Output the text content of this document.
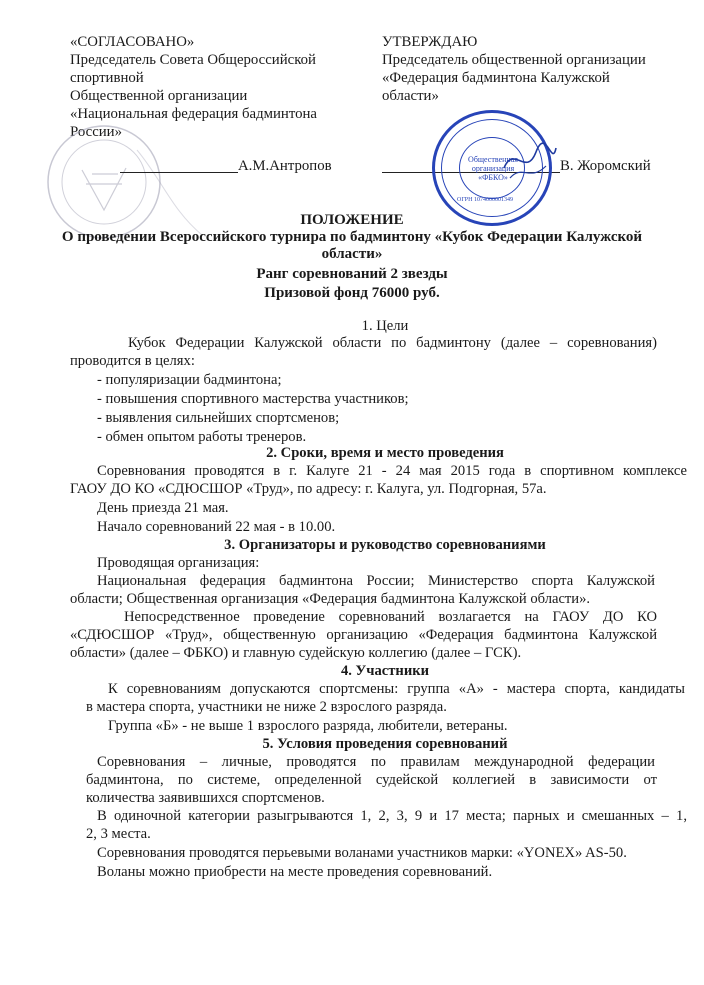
«СОГЛАСОВАНО»
Председатель Совета Общероссийской
спортивной
Общественной организации
«Национальная федерация бадминтона
России»
А.М.Антропов
УТВЕРЖДАЮ
Председатель общественной организации
«Федерация бадминтона Калужской
области»
Общественная
организация
«ФБКО»
ОГРН 1074000001349
В. Жоромский
ПОЛОЖЕНИЕ
О проведении Всероссийского турнира по бадминтону «Кубок Федерации Калужской
области»
Ранг соревнований 2 звезды
Призовой фонд 76000 руб.
1. Цели
Кубок Федерации Калужской области по бадминтону (далее – соревнования)
проводится в целях:
- популяризации бадминтона;
- повышения спортивного мастерства участников;
- выявления сильнейших спортсменов;
- обмен опытом работы тренеров.
2. Сроки, время и место проведения
Соревнования проводятся в г. Калуге 21 - 24 мая 2015 года в спортивном комплексе
ГАОУ ДО КО «СДЮСШОР «Труд», по адресу: г. Калуга, ул. Подгорная, 57а.
День приезда 21 мая.
Начало соревнований 22 мая - в 10.00.
3. Организаторы и руководство соревнованиями
Проводящая организация:
Национальная федерация бадминтона России; Министерство спорта Калужской
области; Общественная организация «Федерация бадминтона Калужской области».
Непосредственное проведение соревнований возлагается на ГАОУ ДО КО
«СДЮСШОР «Труд», общественную организацию «Федерация бадминтона Калужской
области» (далее – ФБКО) и главную судейскую коллегию (далее – ГСК).
4. Участники
К соревнованиям допускаются спортсмены: группа «А» - мастера спорта, кандидаты
в мастера спорта, участники не ниже 2 взрослого разряда.
Группа «Б» - не выше 1 взрослого разряда, любители, ветераны.
5. Условия проведения соревнований
Соревнования – личные, проводятся по правилам международной федерации
бадминтона, по системе, определенной судейской коллегией в зависимости от
количества заявившихся спортсменов.
В одиночной категории разыгрываются 1, 2, 3, 9 и 17 места; парных и смешанных – 1,
2, 3 места.
Соревнования проводятся перьевыми воланами участников марки: «YONEX» AS-50.
Воланы можно приобрести на месте проведения соревнований.
